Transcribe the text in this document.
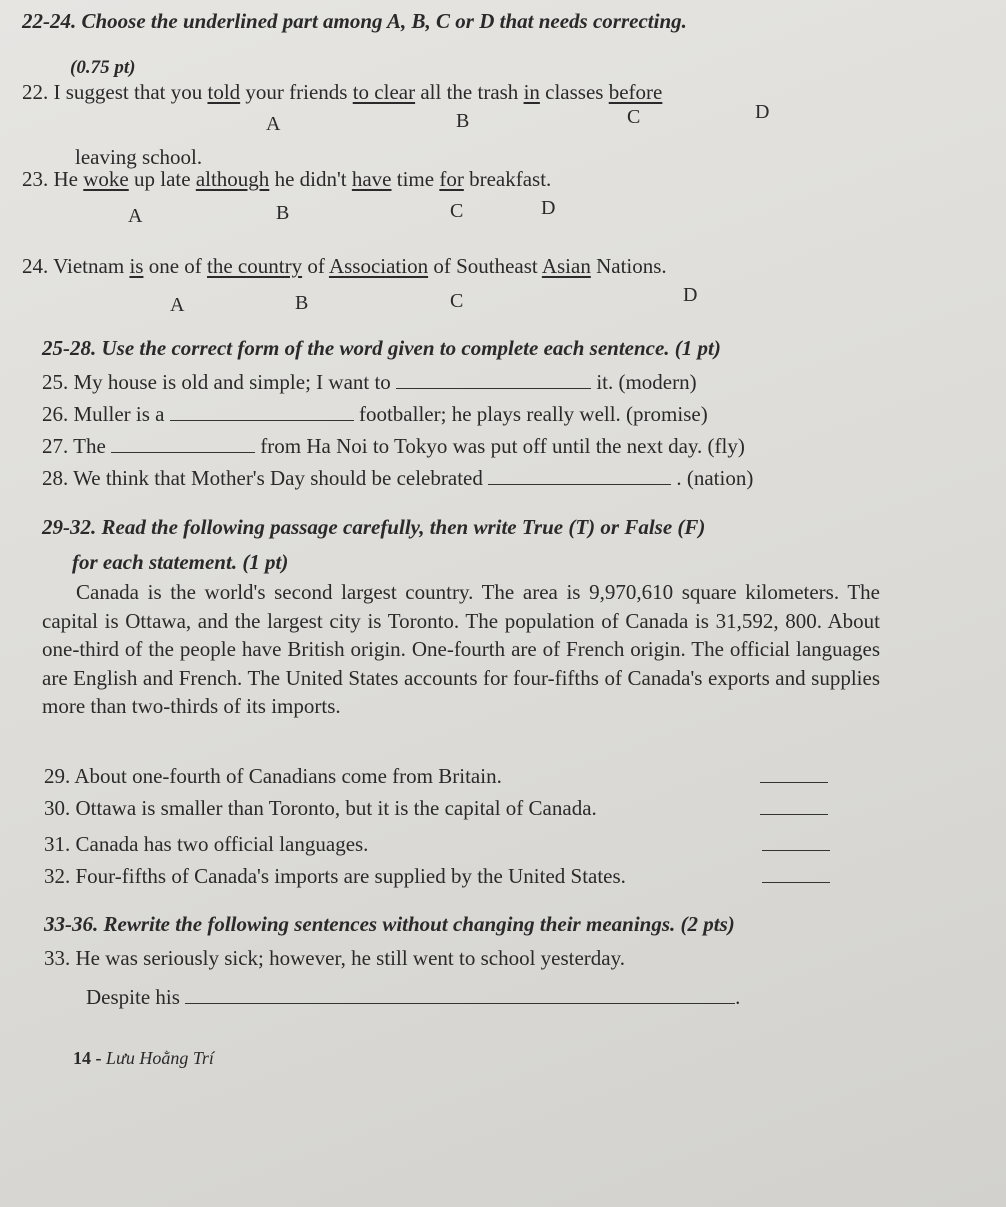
22-24. Choose the underlined part among A, B, C or D that needs correcting.
(0.75 pt)
22. I suggest that you told your friends to clear all the trash in classes before
A	B	C	D
leaving school.
23. He woke up late although he didn't have time for breakfast.
A	B	C	D
24. Vietnam is one of the country of Association of Southeast Asian Nations.
A	B	C	D
25-28. Use the correct form of the word given to complete each sentence. (1 pt)
25. My house is old and simple; I want to	it. (modern)
26. Muller is a	footballer; he plays really well. (promise)
27. The	from Ha Noi to Tokyo was put off until the next day. (fly)
28. We think that Mother's Day should be celebrated	. (nation)
29-32. Read the following passage carefully, then write True (T) or False (F)
for each statement. (1 pt)

Canada is the world's second largest country. The area is 9,970,610 square kilometers. The capital is Ottawa, and the largest city is Toronto. The population of Canada is 31,592, 800. About one-third of the people have British origin. One-fourth are of French origin. The official languages are English and French. The United States accounts for four-fifths of Canada's exports and supplies more than two-thirds of its imports.

29. About one-fourth of Canadians come from Britain.
30. Ottawa is smaller than Toronto, but it is the capital of Canada.
31. Canada has two official languages.
32. Four-fifths of Canada's imports are supplied by the United States.
33-36. Rewrite the following sentences without changing their meanings. (2 pts)
33. He was seriously sick; however, he still went to school yesterday.
Despite his	.
14 - Lưu Hoằng Trí
